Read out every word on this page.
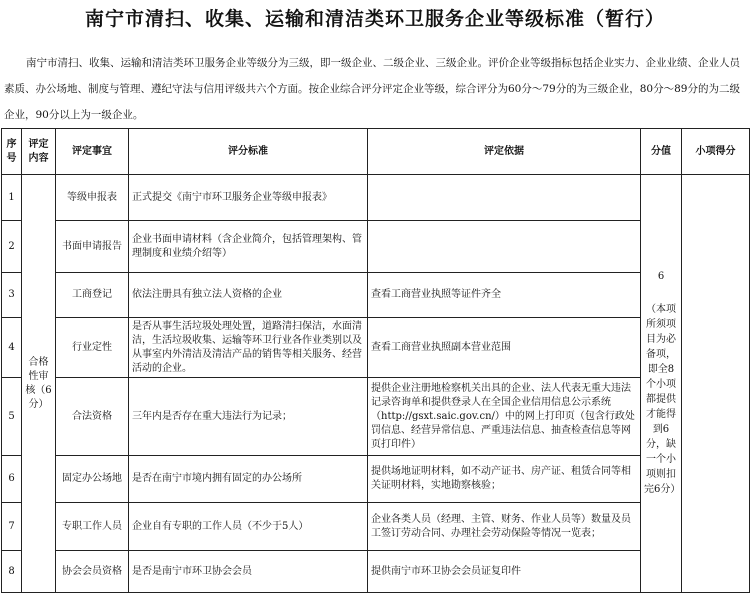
南宁市清扫、收集、运输和清洁类环卫服务企业等级标准（暂行）

南宁市清扫、收集、运输和清洁类环卫服务企业等级分为三级，即一级企业、二级企业、三级企业。评价企业等级指标包括企业实力、企业业绩、企业人员素质、办公场地、制度与管理、遵纪守法与信用评级共六个方面。按企业综合评分评定企业等级，综合评分为60分～79分的为三级企业，80分～89分的为二级企业，90分以上为一级企业。

序号	评定内容	评定事宜	评分标准	评定依据	分值	小项得分
1	合格性审核（6分）	等级申报表	正式提交《南宁市环卫服务企业等级申报表》		6
（本项所须项目为必备项，即全8个小项都提供才能得到6分，缺一个小项则扣完6分）	

2		书面申请报告	企业书面申请材料（含企业简介，包括管理架构、管理制度和业绩介绍等）			
3		工商登记	依法注册具有独立法人资格的企业	查看工商营业执照等证件齐全		
4		行业定性	是否从事生活垃圾处理处置，道路清扫保洁，水面清洁，生活垃圾收集、运输等环卫行业各作业类别以及从事室内外清洁及清洁产品的销售等相关服务、经营活动的企业。	查看工商营业执照副本营业范围		
5		合法资格	三年内是否存在重大违法行为记录；	提供企业注册地检察机关出具的企业、法人代表无重大违法记录咨询单和提供登录人在全国企业信用信息公示系统（http://gsxt.saic.gov.cn/）中的网上打印页（包含行政处罚信息、经营异常信息、严重违法信息、抽查检查信息等网页打印件）		
6		固定办公场地	是否在南宁市境内拥有固定的办公场所	提供场地证明材料，如不动产证书、房产证、租赁合同等相关证明材料，实地勘察核验；		
7		专职工作人员	企业自有专职的工作人员（不少于5人）	企业各类人员（经理、主管、财务、作业人员等）数量及员工签订劳动合同、办理社会劳动保险等情况一览表；		
8		协会会员资格	是否是南宁市环卫协会会员	提供南宁市环卫协会会员证复印件		
